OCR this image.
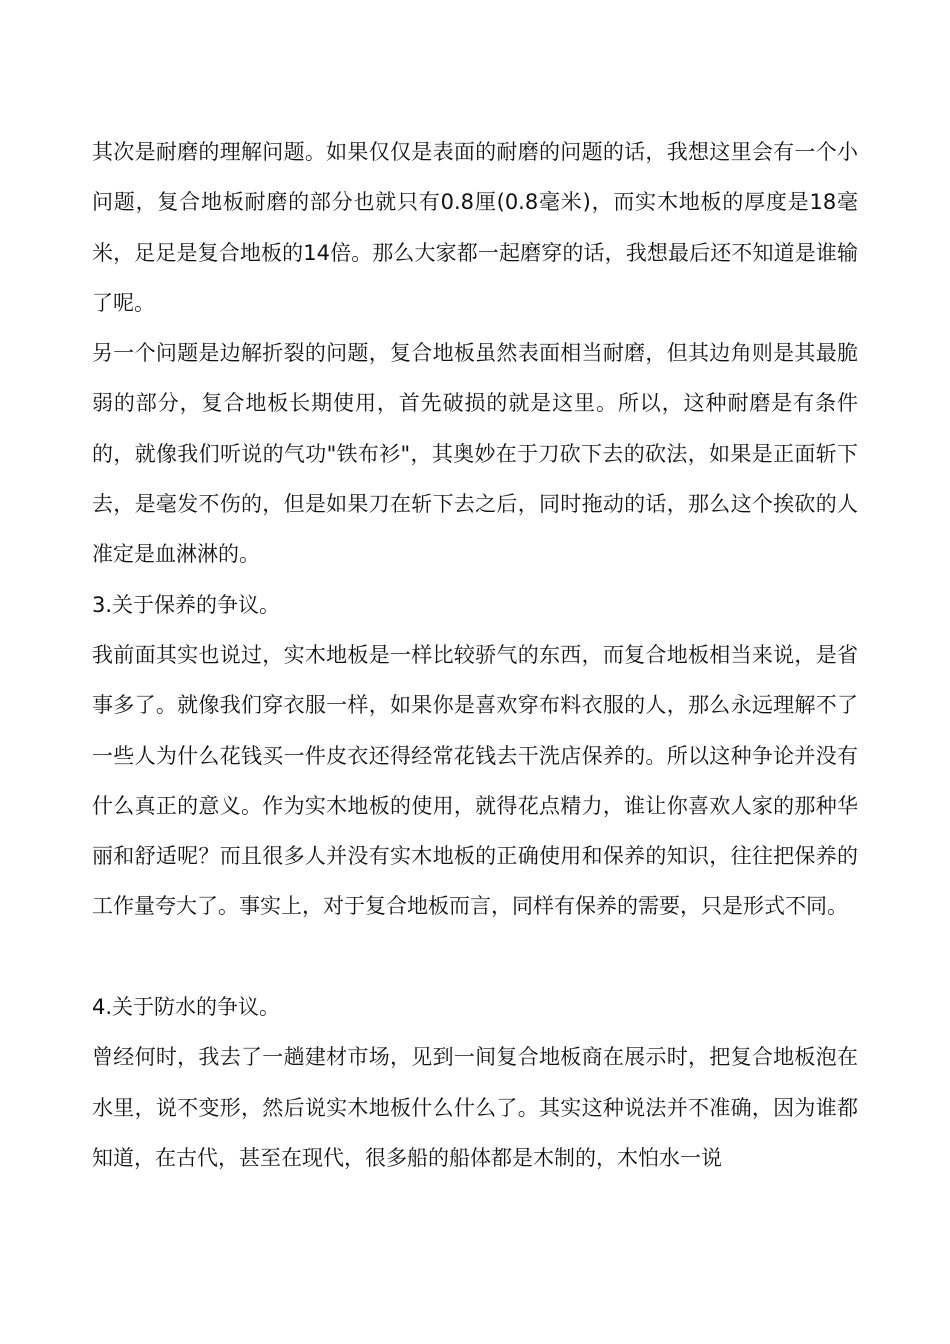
其次是耐磨的理解问题。如果仅仅是表面的耐磨的问题的话，我想这里会有一个小问题，复合地板耐磨的部分也就只有0.8厘(0.8毫米)，而实木地板的厚度是18毫米，足足是复合地板的14倍。那么大家都一起磨穿的话，我想最后还不知道是谁输了呢。

另一个问题是边解折裂的问题，复合地板虽然表面相当耐磨，但其边角则是其最脆弱的部分，复合地板长期使用，首先破损的就是这里。所以，这种耐磨是有条件的，就像我们听说的气功"铁布衫"，其奥妙在于刀砍下去的砍法，如果是正面斩下去，是毫发不伤的，但是如果刀在斩下去之后，同时拖动的话，那么这个挨砍的人准定是血淋淋的。

3.关于保养的争议。

我前面其实也说过，实木地板是一样比较骄气的东西，而复合地板相当来说，是省事多了。就像我们穿衣服一样，如果你是喜欢穿布料衣服的人，那么永远理解不了一些人为什么花钱买一件皮衣还得经常花钱去干洗店保养的。所以这种争论并没有什么真正的意义。作为实木地板的使用，就得花点精力，谁让你喜欢人家的那种华丽和舒适呢？而且很多人并没有实木地板的正确使用和保养的知识，往往把保养的工作量夸大了。事实上，对于复合地板而言，同样有保养的需要，只是形式不同。

4.关于防水的争议。

曾经何时，我去了一趟建材市场，见到一间复合地板商在展示时，把复合地板泡在水里，说不变形，然后说实木地板什么什么了。其实这种说法并不准确，因为谁都知道，在古代，甚至在现代，很多船的船体都是木制的，木怕水一说
